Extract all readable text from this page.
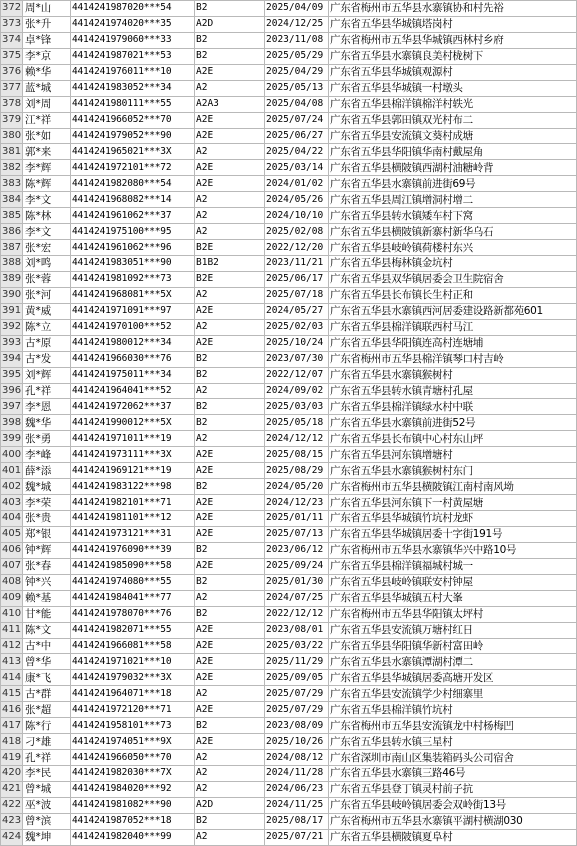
372	周*山	4414241987020***54	B2	2025/04/09	广东省梅州市五华县水寨镇协和村先裕
373	张*升	4414241974020***35	A2D	2024/12/25	广东省五华县华城镇塔岗村
374	卓*锋	4414241979060***33	B2	2023/11/08	广东省梅州市五华县华城镇西林村乡府
375	李*京	4414241987021***53	B2	2025/05/29	广东省五华县水寨镇良美村栊树下
376	赖*华	4414241976011***10	A2E	2025/04/29	广东省五华县华城镇观源村
377	蓝*城	4414241983052***34	A2	2025/05/13	广东省五华县华城镇一村墩头
378	刘*周	4414241980111***55	A2A3	2025/04/08	广东省五华县棉洋镇棉洋村轶光
379	江*祥	4414241966052***70	A2E	2025/07/24	广东省五华县郭田镇双光村布二
380	张*如	4414241979052***90	A2E	2025/06/27	广东省五华县安流镇文葵村成塘
381	郭*来	4414241965021***3X	A2	2025/04/22	广东省五华县华阳镇华南村戴屋角
382	李*辉	4414241972101***72	A2E	2025/03/14	广东省五华县横陂镇西湖村油糖岭背
383	陈*辉	4414241982080***54	A2E	2024/01/02	广东省五华县水寨镇前进街69号
384	李*文	4414241968082***14	A2	2024/05/26	广东省五华县周江镇增洞村增二
385	陈*林	4414241961062***37	A2	2024/10/10	广东省五华县转水镇矮车村下窝
386	李*文	4414241975100***95	A2	2025/02/08	广东省五华县横陂镇新寨村新华乌石
387	张*宏	4414241961062***96	B2E	2022/12/20	广东省五华县岐岭镇荷楼村东兴
388	刘*鸣	4414241983051***90	B1B2	2023/11/21	广东省五华县梅林镇金坑村
389	张*蓉	4414241981092***73	B2E	2025/06/17	广东省五华县双华镇居委会卫生院宿舍
390	张*河	4414241968081***5X	A2	2025/07/18	广东省五华县长布镇长生村正和
391	黄*威	4414241971091***97	A2E	2024/05/27	广东省五华县水寨镇西河居委建设路新都苑601
392	陈*立	4414241970100***52	A2	2025/02/03	广东省五华县棉洋镇联西村马江
393	古*原	4414241980012***34	A2E	2025/10/24	广东省五华县华阳镇连高村连塘埔
394	古*发	4414241966030***76	B2	2023/07/30	广东省梅州市五华县棉洋镇琴口村吉岭
395	刘*辉	4414241975011***34	B2	2022/12/07	广东省五华县水寨镇猴树村
396	孔*祥	4414241964041***52	A2	2024/09/02	广东省五华县转水镇青塘村孔屋
397	李*恩	4414241972062***37	B2	2025/03/03	广东省五华县棉洋镇绿水村中联
398	魏*华	4414241990012***5X	B2	2025/05/18	广东省五华县水寨镇前进街52号
399	张*勇	4414241971011***19	A2	2024/12/12	广东省五华县长布镇中心村东山坪
400	李*峰	4414241973111***3X	A2E	2025/08/15	广东省五华县河东镇增塘村
401	薛*添	4414241969121***19	A2E	2025/08/29	广东省五华县水寨镇猴树村东门
402	魏*城	4414241983122***98	B2	2024/05/20	广东省梅州市五华县横陂镇江南村南风坳
403	李*荣	4414241982101***71	A2E	2024/12/23	广东省五华县河东镇下一村黄屋塘
404	张*贵	4414241981101***12	A2E	2025/01/11	广东省五华县华城镇竹坑村龙虾
405	郑*银	4414241973121***31	A2E	2025/07/13	广东省五华县华城镇居委十字街191号
406	钟*辉	4414241976090***39	B2	2023/06/12	广东省梅州市五华县水寨镇华兴中路10号
407	张*春	4414241985090***58	A2E	2025/09/24	广东省五华县棉洋镇福城村城一
408	钟*兴	4414241974080***55	B2	2025/01/30	广东省五华县岐岭镇联安村钟屋
409	赖*基	4414241984041***77	A2	2024/07/25	广东省五华县华城镇五村大峯
410	甘*能	4414241978070***76	B2	2022/12/12	广东省梅州市五华县华阳镇太坪村
411	陈*文	4414241982071***55	A2E	2023/08/01	广东省五华县安流镇万塘村红日
412	古*中	4414241966081***58	A2E	2025/03/22	广东省五华县华阳镇华新村富田岭
413	曾*华	4414241971021***10	A2E	2025/11/29	广东省五华县水寨镇潭湖村潭二
414	康*飞	4414241979032***3X	A2E	2025/09/05	广东省五华县华城镇居委高塘开发区
415	古*群	4414241964071***18	A2	2025/07/29	广东省五华县安流镇学少村细寨里
416	张*超	4414241972120***71	A2E	2025/07/29	广东省五华县棉洋镇竹坑村
417	陈*行	4414241958101***73	B2	2023/08/09	广东省梅州市五华县安流镇龙中村杨梅凹
418	刁*雄	4414241974051***9X	A2E	2025/10/26	广东省五华县转水镇三星村
419	孔*祥	4414241966050***70	A2	2024/08/12	广东省深圳市南山区集装箱码头公司宿舍
420	李*民	4414241982030***7X	A2	2024/11/28	广东省五华县水寨镇三路46号
421	曾*城	4414241984020***92	A2	2024/06/23	广东省五华县登丁镇灵村前子抗
422	巫*波	4414241981082***90	A2D	2024/11/25	广东省五华县岐岭镇居委会双岭街13号
423	曾*滨	4414241987052***18	B2	2025/08/17	广东省梅州市五华县水寨镇平湖村横湖030
424	魏*坤	4414241982040***99	A2	2025/07/21	广东省五华县横陂镇夏阜村
